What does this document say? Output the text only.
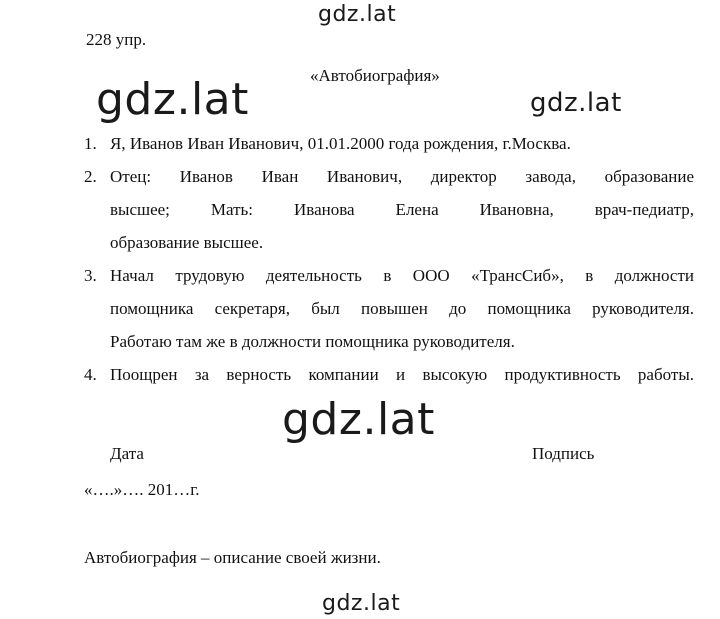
gdz.lat
gdz.lat	gdz.lat
228 упр.
«Автобиография»
1. Я, Иванов Иван Иванович, 01.01.2000 года рождения, г.Москва.
2. Отец: Иванов Иван Иванович, директор завода, образование
высшее; Мать: Иванова Елена Ивановна, врач-педиатр,
образование высшее.
3. Начал трудовую деятельность в ООО «ТрансСиб», в должности
помощника секретаря, был повышен до помощника руководителя.
Работаю там же в должности помощника руководителя.
4. Поощрен за верность компании и высокую продуктивность работы.
gdz.lat
Дата	Подпись
«….»…. 201…г.
Автобиография – описание своей жизни.
gdz.lat
